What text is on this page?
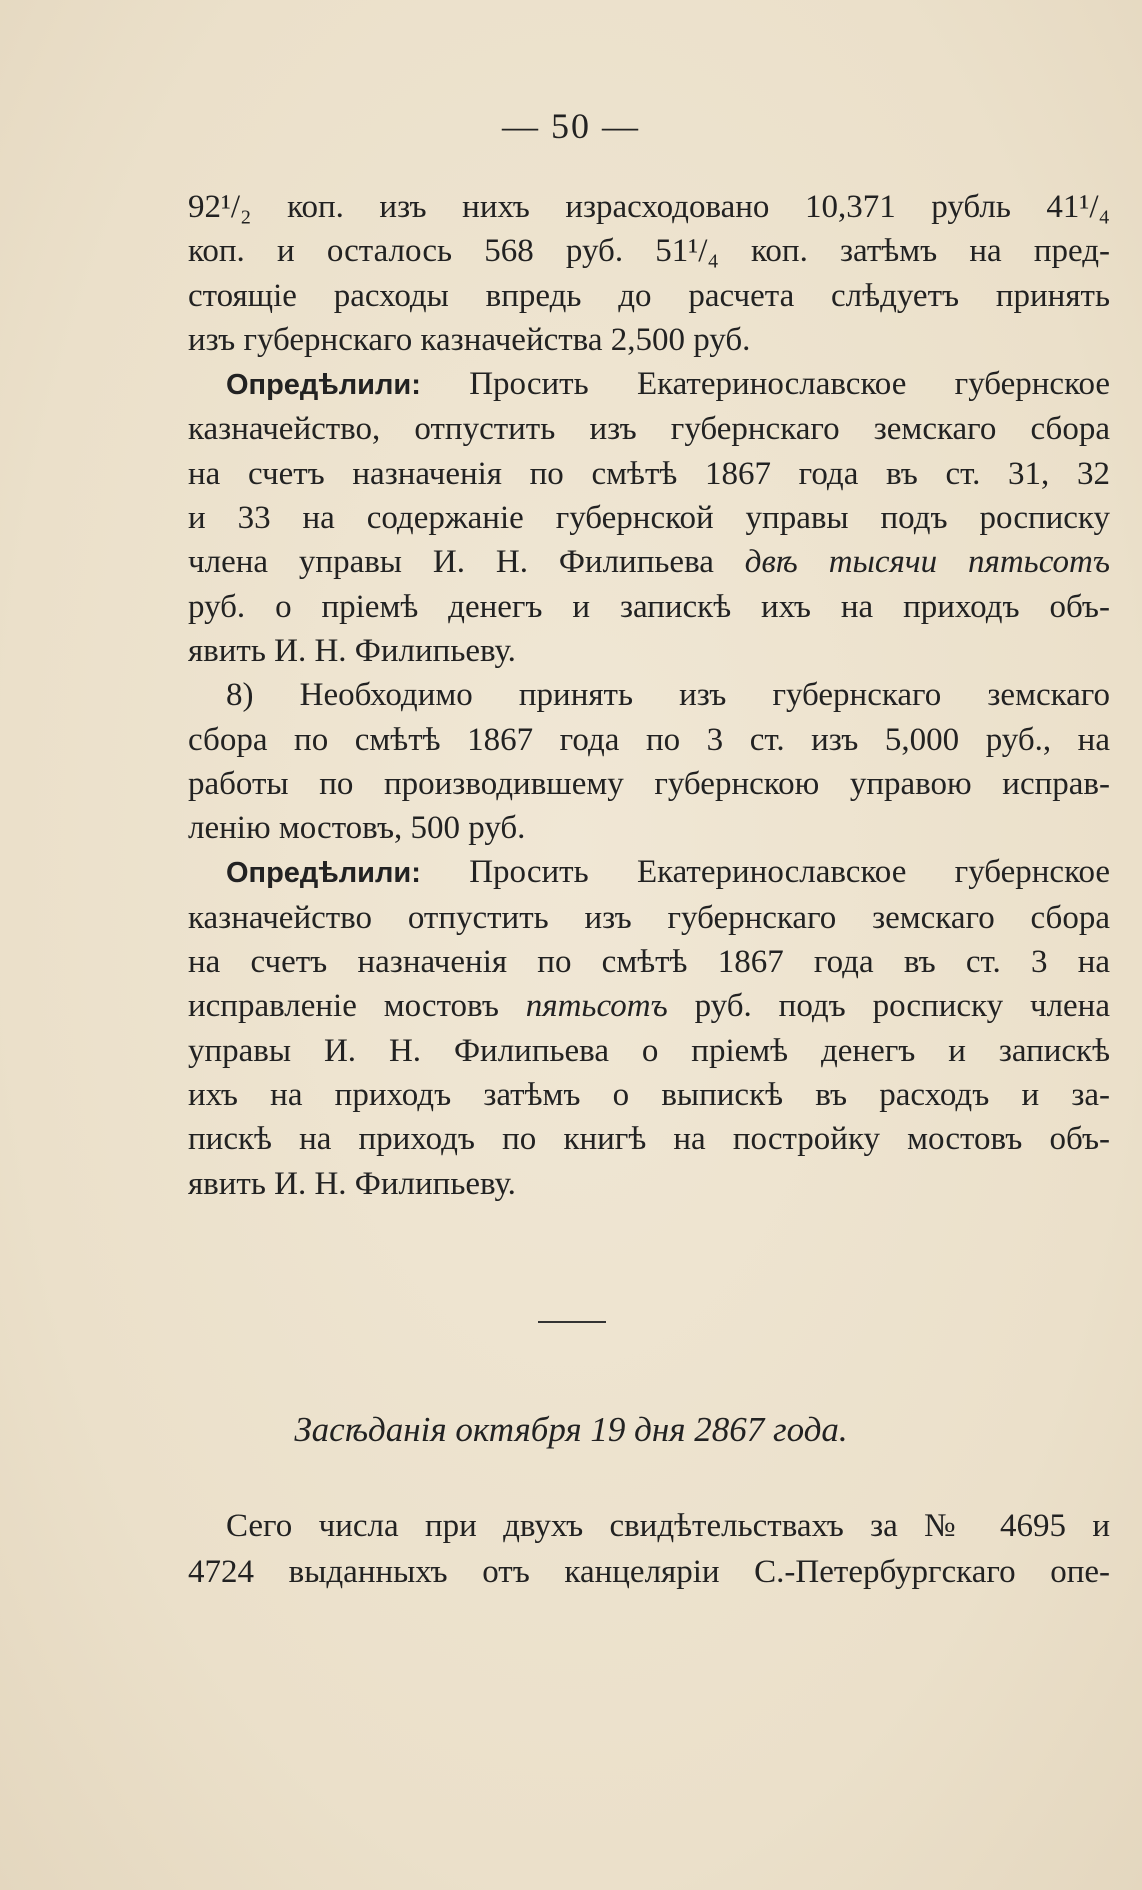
— 50 —

92¹/₂ коп. изъ нихъ израсходовано 10,371 рубль 41¹/₄
коп. и осталось 568 руб. 51¹/₄ коп. затѣмъ на пред-
стоящіе расходы впредь до расчета слѣдуетъ принять
изъ губернскаго казначейства 2,500 руб.

Опредѣлили: Просить Екатеринославское губернское
казначейство, отпустить изъ губернскаго земскаго сбора
на счетъ назначенія по смѣтѣ 1867 года въ ст. 31, 32
и 33 на содержаніе губернской управы подъ росписку
члена управы И. Н. Филипьева двѣ тысячи пятьсотъ
руб. о пріемѣ денегъ и запискѣ ихъ на приходъ объ-
явить И. Н. Филипьеву.

8) Необходимо принять изъ губернскаго земскаго
сбора по смѣтѣ 1867 года по 3 ст. изъ 5,000 руб., на
работы по производившему губернскою управою исправ-
ленію мостовъ, 500 руб.

Опредѣлили: Просить Екатеринославское губернское
казначейство отпустить изъ губернскаго земскаго сбора
на счетъ назначенія по смѣтѣ 1867 года въ ст. 3 на
исправленіе мостовъ пятьсотъ руб. подъ росписку члена
управы И. Н. Филипьева о пріемѣ денегъ и запискѣ
ихъ на приходъ затѣмъ о выпискѣ въ расходъ и за-
пискѣ на приходъ по книгѣ на постройку мостовъ объ-
явить И. Н. Филипьеву.

Засѣданія октября 19 дня 2867 года.
Сего числа при двухъ свидѣтельствахъ за № 4695 и
4724 выданныхъ отъ канцеляріи С.-Петербургскаго опе-
